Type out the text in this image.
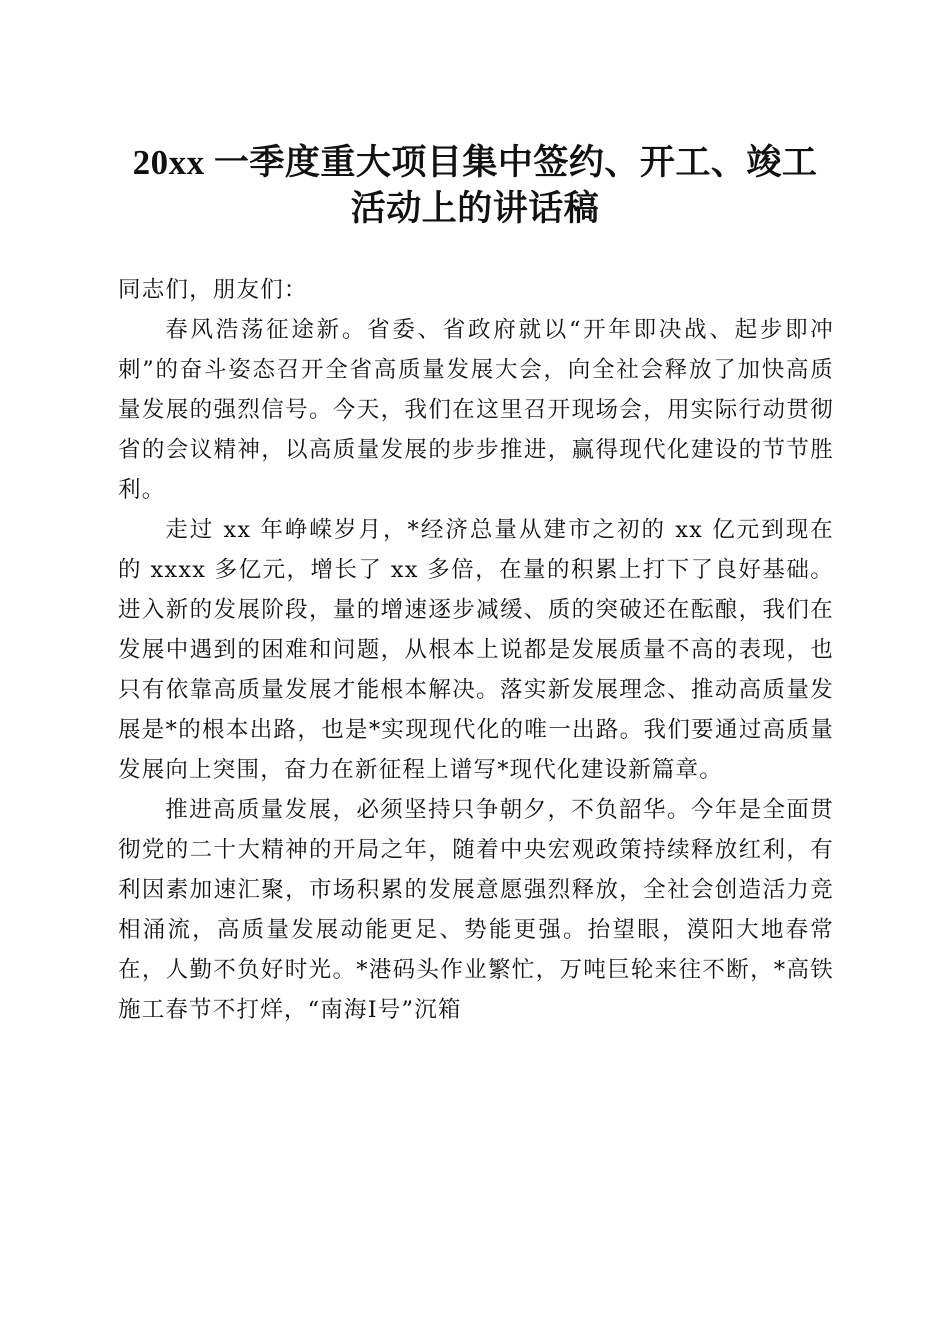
20xx 一季度重大项目集中签约、开工、竣工
活动上的讲话稿

同志们，朋友们：

春风浩荡征途新。省委、省政府就以“开年即决战、起步即冲刺”的奋斗姿态召开全省高质量发展大会，向全社会释放了加快高质量发展的强烈信号。今天，我们在这里召开现场会，用实际行动贯彻省的会议精神，以高质量发展的步步推进，赢得现代化建设的节节胜利。

走过 xx 年峥嵘岁月，*经济总量从建市之初的 xx 亿元到现在的 xxxx 多亿元，增长了 xx 多倍，在量的积累上打下了良好基础。进入新的发展阶段，量的增速逐步减缓、质的突破还在酝酿，我们在发展中遇到的困难和问题，从根本上说都是发展质量不高的表现，也只有依靠高质量发展才能根本解决。落实新发展理念、推动高质量发展是*的根本出路，也是*实现现代化的唯一出路。我们要通过高质量发展向上突围，奋力在新征程上谱写*现代化建设新篇章。

推进高质量发展，必须坚持只争朝夕，不负韶华。今年是全面贯彻党的二十大精神的开局之年，随着中央宏观政策持续释放红利，有利因素加速汇聚，市场积累的发展意愿强烈释放，全社会创造活力竞相涌流，高质量发展动能更足、势能更强。抬望眼，漠阳大地春常在，人勤不负好时光。*港码头作业繁忙，万吨巨轮来往不断，*高铁施工春节不打烊，“南海Ⅰ号”沉箱
